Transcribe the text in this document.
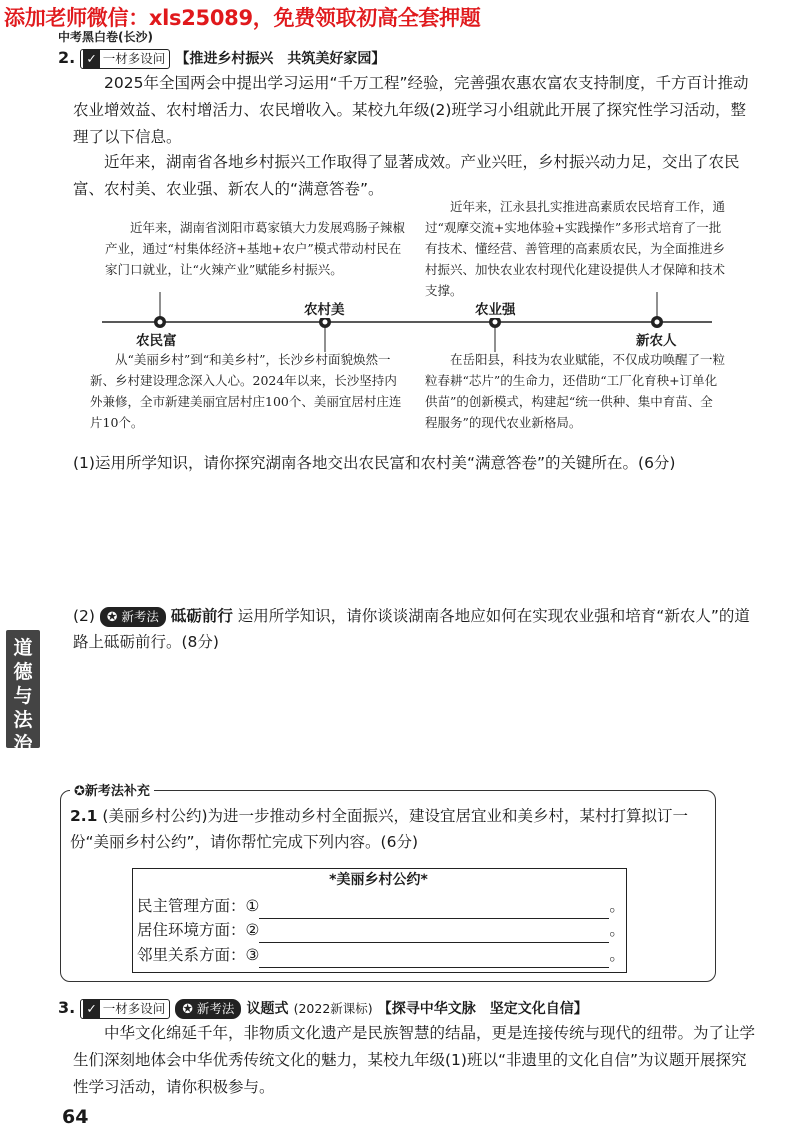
添加老师微信：xls25089，免费领取初高全套押题
中考黑白卷(长沙)
2. ✓ 一材多设问 【推进乡村振兴　共筑美好家园】
2025年全国两会中提出学习运用“千万工程”经验，完善强农惠农富农支持制度，千方百计推动农业增效益、农村增活力、农民增收入。某校九年级(2)班学习小组就此开展了探究性学习活动，整理了以下信息。
近年来，湖南省各地乡村振兴工作取得了显著成效。产业兴旺，乡村振兴动力足，交出了农民富、农村美、农业强、新农人的“满意答卷”。
近年来，湖南省浏阳市葛家镇大力发展鸡肠子辣椒产业，通过“村集体经济+基地+农户”模式带动村民在家门口就业，让“火辣产业”赋能乡村振兴。
近年来，江永县扎实推进高素质农民培育工作，通过“观摩交流+实地体验+实践操作”多形式培育了一批有技术、懂经营、善管理的高素质农民，为全面推进乡村振兴、加快农业农村现代化建设提供人才保障和技术支撑。
农民富
农村美	农业强
新农人
从“美丽乡村”到“和美乡村”，长沙乡村面貌焕然一新、乡村建设理念深入人心。2024年以来，长沙坚持内外兼修，全市新建美丽宜居村庄100个、美丽宜居村庄连片10个。
在岳阳县，科技为农业赋能，不仅成功唤醒了一粒粒春耕“芯片”的生命力，还借助“工厂化育秧+订单化供苗”的创新模式，构建起“统一供种、集中育苗、全程服务”的现代农业新格局。
(1)运用所学知识，请你探究湖南各地交出农民富和农村美“满意答卷”的关键所在。(6分)
(2) ✪ 新考法 砥砺前行 运用所学知识，请你谈谈湖南各地应如何在实现农业强和培育“新农人”的道路上砥砺前行。(8分)
道
德
与
法
治
✪新考法补充
2.1 (美丽乡村公约)为进一步推动乡村全面振兴，建设宜居宜业和美乡村，某村打算拟订一份“美丽乡村公约”，请你帮忙完成下列内容。(6分)
*美丽乡村公约*
民主管理方面：①	。
居住环境方面：②	。
邻里关系方面：③	。
3. ✓ 一材多设问 ✪ 新考法 议题式 (2022新课标) 【探寻中华文脉　坚定文化自信】
中华文化绵延千年，非物质文化遗产是民族智慧的结晶，更是连接传统与现代的纽带。为了让学生们深刻地体会中华优秀传统文化的魅力，某校九年级(1)班以“非遗里的文化自信”为议题开展探究性学习活动，请你积极参与。
64
